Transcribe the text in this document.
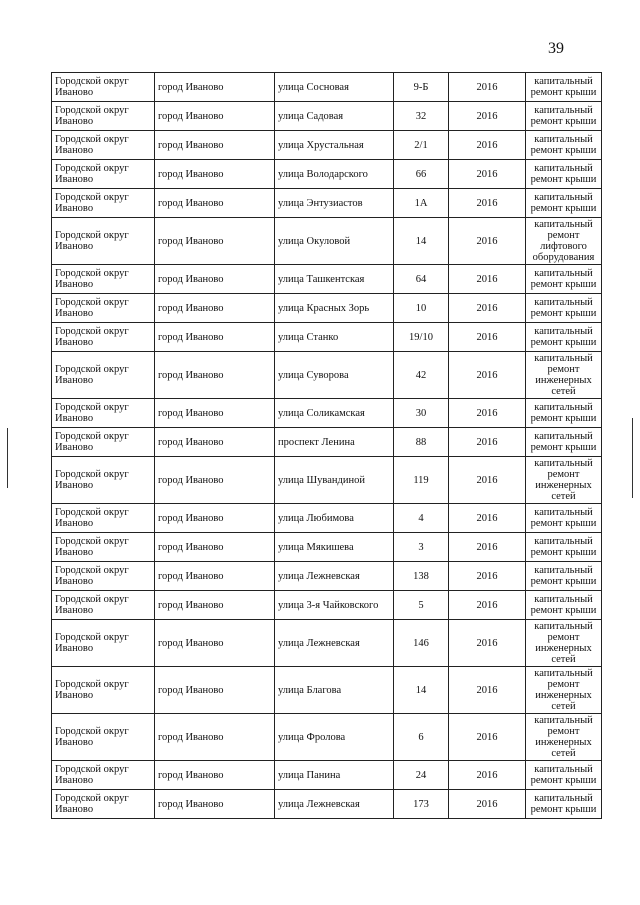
39
Городской округ Иваново	город Иваново	улица Сосновая	9-Б	2016	капитальный ремонт крыши
Городской округ Иваново	город Иваново	улица Садовая	32	2016	капитальный ремонт крыши
Городской округ Иваново	город Иваново	улица Хрустальная	2/1	2016	капитальный ремонт крыши
Городской округ Иваново	город Иваново	улица Володарского	66	2016	капитальный ремонт крыши
Городской округ Иваново	город Иваново	улица Энтузиастов	1А	2016	капитальный ремонт крыши
Городской округ Иваново	город Иваново	улица Окуловой	14	2016	капитальный ремонт лифтового оборудования
Городской округ Иваново	город Иваново	улица Ташкентская	64	2016	капитальный ремонт крыши
Городской округ Иваново	город Иваново	улица Красных Зорь	10	2016	капитальный ремонт крыши
Городской округ Иваново	город Иваново	улица Станко	19/10	2016	капитальный ремонт крыши
Городской округ Иваново	город Иваново	улица Суворова	42	2016	капитальный ремонт инженерных сетей
Городской округ Иваново	город Иваново	улица Соликамская	30	2016	капитальный ремонт крыши
Городской округ Иваново	город Иваново	проспект Ленина	88	2016	капитальный ремонт крыши
Городской округ Иваново	город Иваново	улица Шувандиной	119	2016	капитальный ремонт инженерных сетей
Городской округ Иваново	город Иваново	улица Любимова	4	2016	капитальный ремонт крыши
Городской округ Иваново	город Иваново	улица Мякишева	3	2016	капитальный ремонт крыши
Городской округ Иваново	город Иваново	улица Лежневская	138	2016	капитальный ремонт крыши
Городской округ Иваново	город Иваново	улица 3-я Чайковского	5	2016	капитальный ремонт крыши
Городской округ Иваново	город Иваново	улица Лежневская	146	2016	капитальный ремонт инженерных сетей
Городской округ Иваново	город Иваново	улица Благова	14	2016	капитальный ремонт инженерных сетей
Городской округ Иваново	город Иваново	улица Фролова	6	2016	капитальный ремонт инженерных сетей
Городской округ Иваново	город Иваново	улица Панина	24	2016	капитальный ремонт крыши
Городской округ Иваново	город Иваново	улица Лежневская	173	2016	капитальный ремонт крыши
